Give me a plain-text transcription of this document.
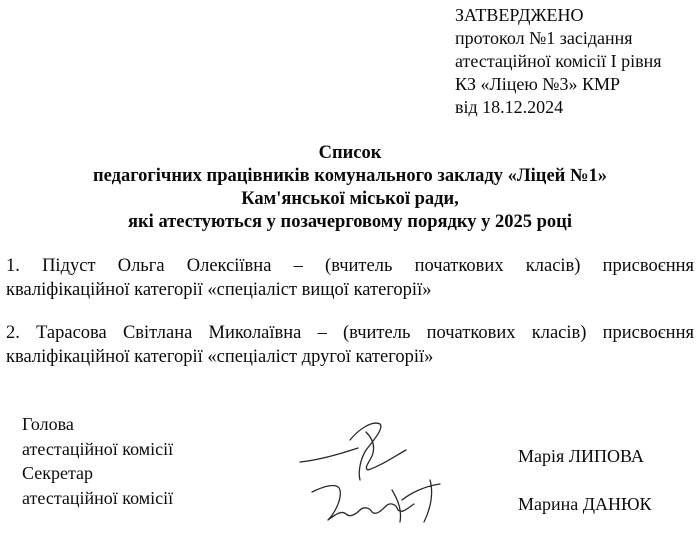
ЗАТВЕРДЖЕНО
протокол №1 засідання
атестаційної комісії І рівня
КЗ «Ліцею №3» КМР
від 18.12.2024
Список
педагогічних працівників комунального закладу «Ліцей №1»
Кам'янської міської ради,
які атестуються у позачерговому порядку у 2025 році
1. Підуст Ольга Олексіївна – (вчитель початкових класів) присвоєння
кваліфікаційної категорії «спеціаліст вищої категорії»
2. Тарасова Світлана Миколаївна – (вчитель початкових класів) присвоєння
кваліфікаційної категорії «спеціаліст другої категорії»
Голова
атестаційної комісії
Секретар
атестаційної комісії
Марія ЛИПОВА
Марина ДАНЮК
